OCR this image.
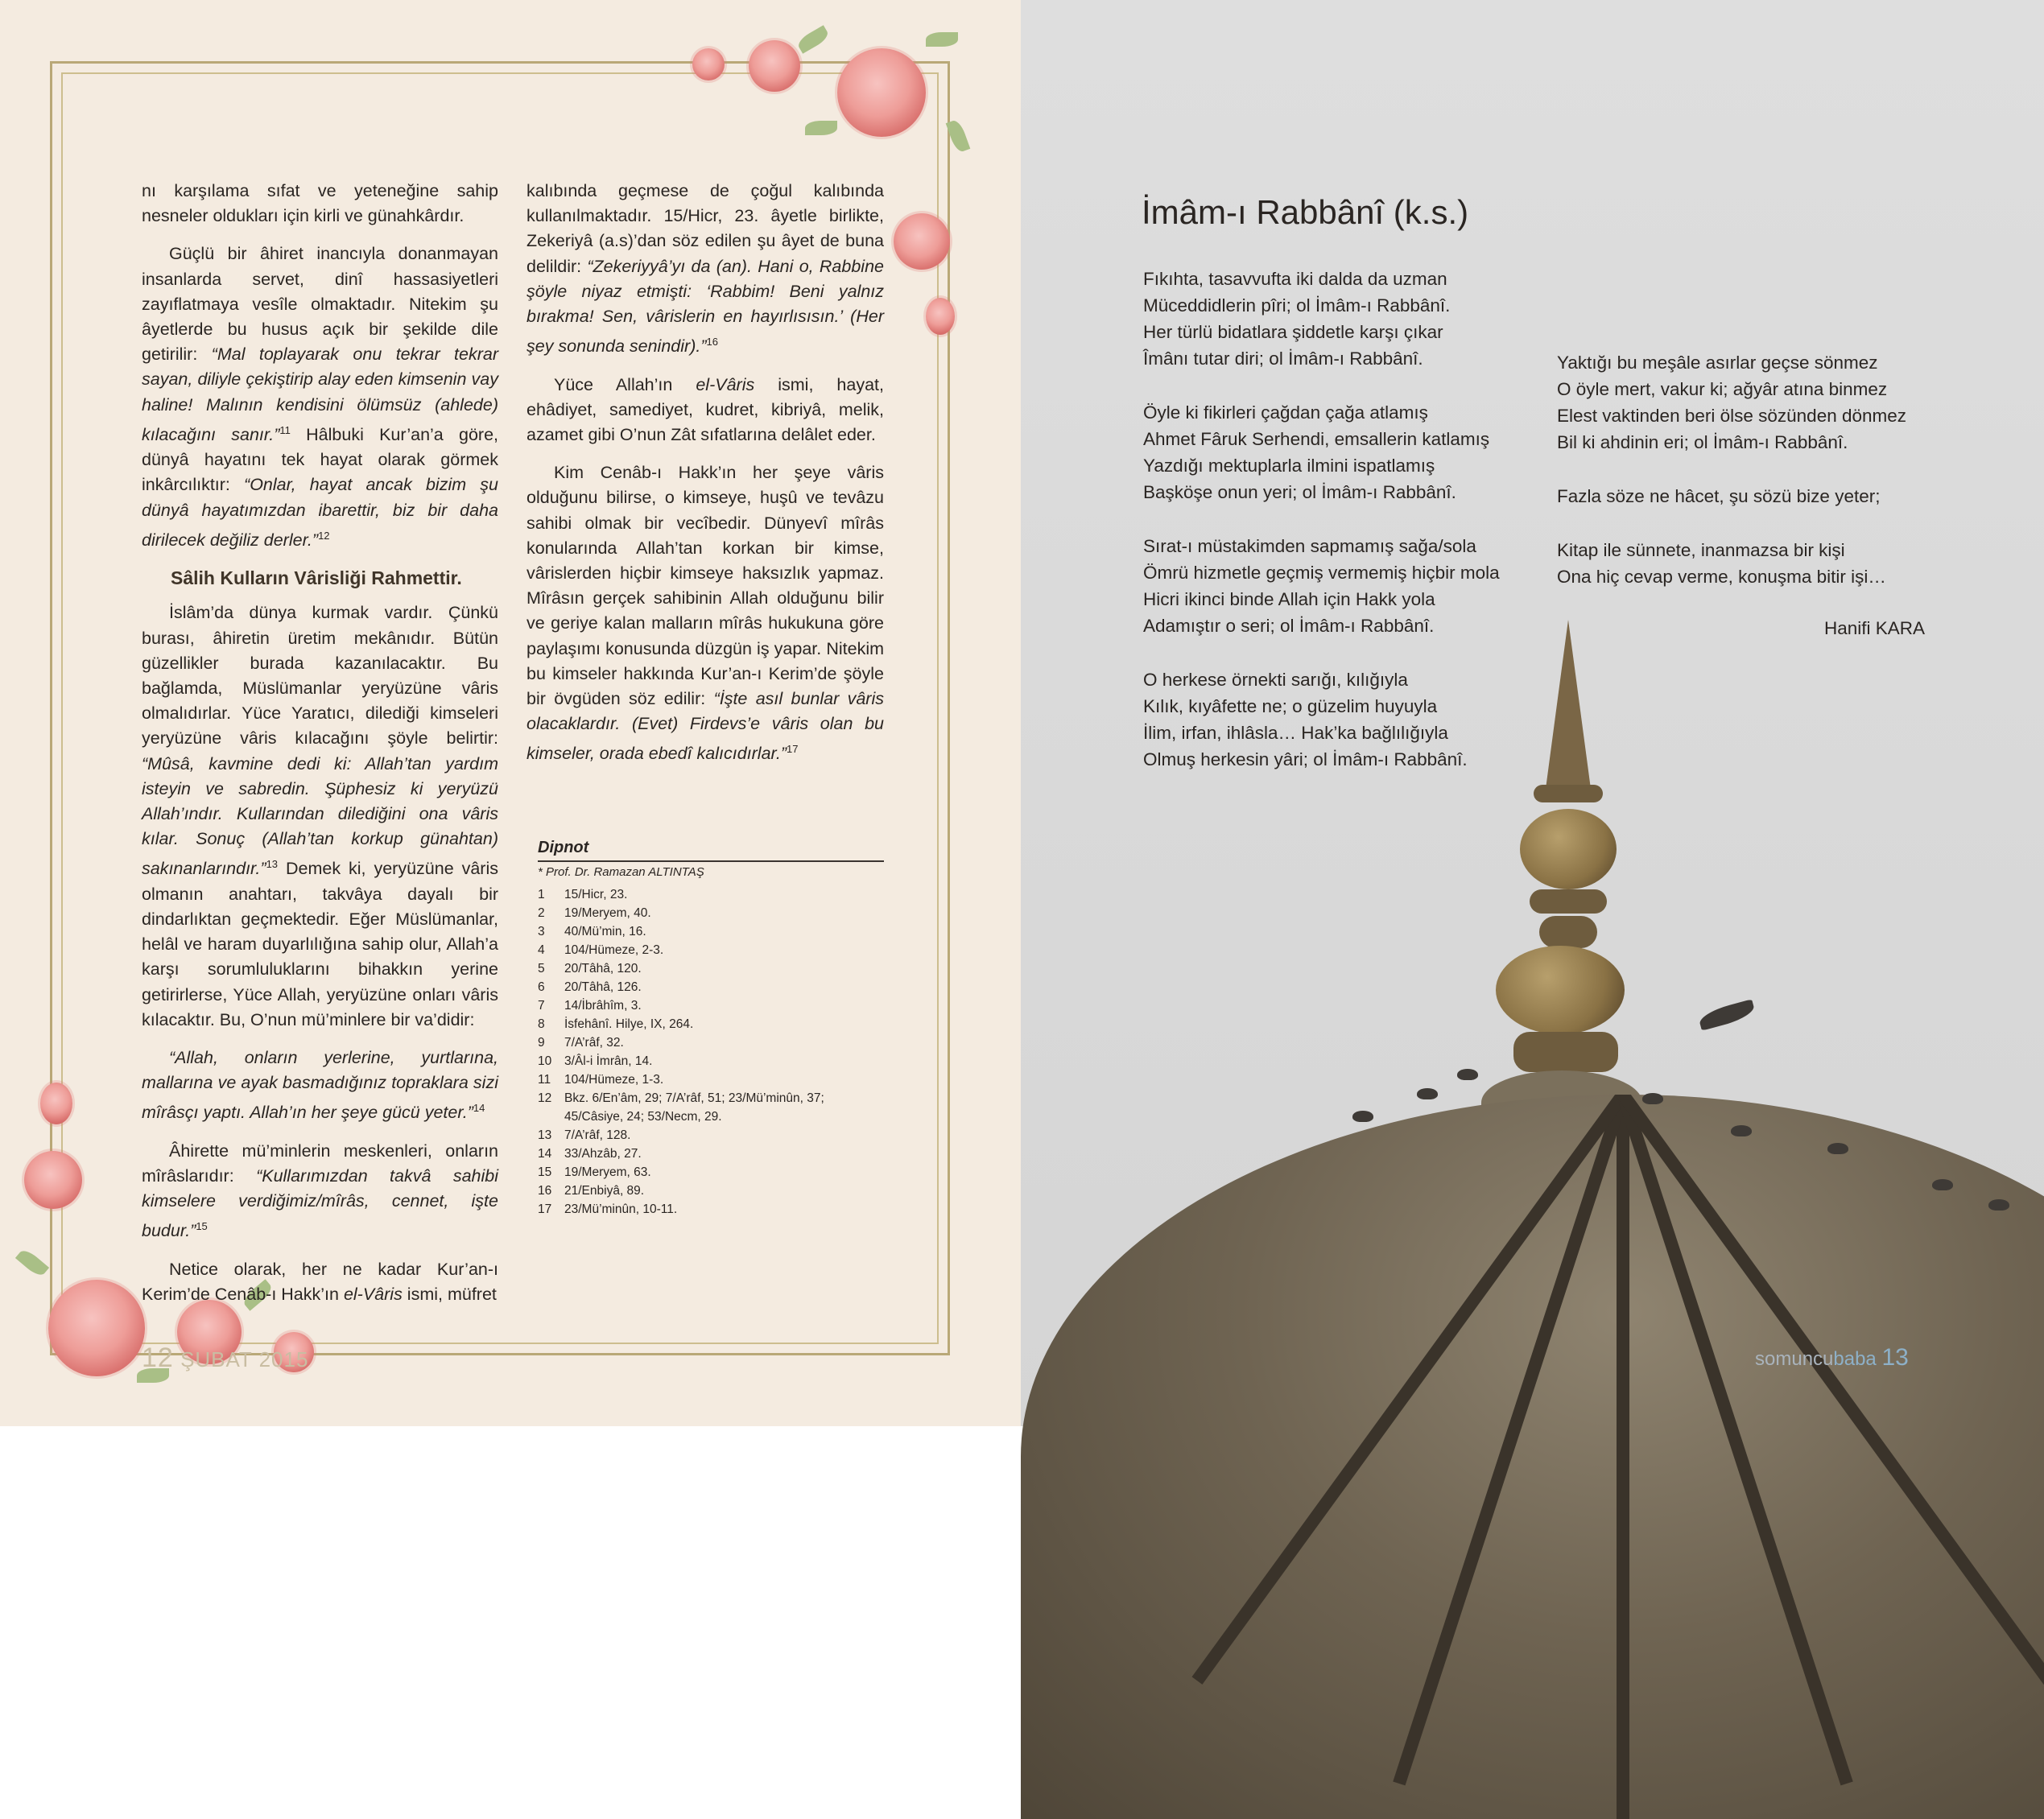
nı karşılama sıfat ve yeteneğine sahip nesneler oldukları için kirli ve günahkârdır.

Güçlü bir âhiret inancıyla donanmayan insanlarda servet, dinî hassasiyetleri zayıflatmaya vesîle olmaktadır. Nitekim şu âyetlerde bu husus açık bir şekilde dile getirilir: “Mal toplayarak onu tekrar tekrar sayan, diliyle çekiştirip alay eden kimsenin vay haline! Malının kendisini ölümsüz (ahlede) kılacağını sanır.”$^{11}$ Hâlbuki Kur’an’a göre, dünyâ hayatını tek hayat olarak görmek inkârcılıktır: “Onlar, hayat ancak bizim şu dünyâ hayatımızdan ibarettir, biz bir daha dirilecek değiliz derler.”$^{12}$

Sâlih Kulların Vârisliği Rahmettir.

İslâm’da dünya kurmak vardır. Çünkü burası, âhiretin üretim mekânıdır. Bütün güzellikler burada kazanılacaktır. Bu bağlamda, Müslümanlar yeryüzüne vâris olmalıdırlar. Yüce Yaratıcı, dilediği kimseleri yeryüzüne vâris kılacağını şöyle belirtir: “Mûsâ, kavmine dedi ki: Allah’tan yardım isteyin ve sabredin. Şüphesiz ki yeryüzü Allah’ındır. Kullarından dilediğini ona vâris kılar. Sonuç (Allah’tan korkup günahtan) sakınanlarındır.”$^{13}$ Demek ki, yeryüzüne vâris olmanın anahtarı, takvâya dayalı bir dindarlıktan geçmektedir. Eğer Müslümanlar, helâl ve haram duyarlılığına sahip olur, Allah’a karşı sorumluluklarını bihakkın yerine getirirlerse, Yüce Allah, yeryüzüne onları vâris kılacaktır. Bu, O’nun mü’minlere bir va’didir:

“Allah, onların yerlerine, yurtlarına, mallarına ve ayak basmadığınız topraklara sizi mîrâsçı yaptı. Allah’ın her şeye gücü yeter.”$^{14}$

Âhirette mü’minlerin meskenleri, onların mîrâslarıdır: “Kullarımızdan takvâ sahibi kimselere verdiğimiz/mîrâs, cennet, işte budur.”$^{15}$

Netice olarak, her ne kadar Kur’an-ı Kerim’de Cenâb-ı Hakk’ın el-Vâris ismi, müfret

kalıbında geçmese de çoğul kalıbında kullanılmaktadır. 15/Hicr, 23. âyetle birlikte, Zekeriyâ (a.s)’dan söz edilen şu âyet de buna delildir: “Zekeriyyâ’yı da (an). Hani o, Rabbine şöyle niyaz etmişti: ‘Rabbim! Beni yalnız bırakma! Sen, vârislerin en hayırlısısın.’ (Her şey sonunda senindir).”$^{16}$

Yüce Allah’ın el-Vâris ismi, hayat, ehâdiyet, samediyet, kudret, kibriyâ, melik, azamet gibi O’nun Zât sıfatlarına delâlet eder.

Kim Cenâb-ı Hakk’ın her şeye vâris olduğunu bilirse, o kimseye, huşû ve tevâzu sahibi olmak bir vecîbedir. Dünyevî mîrâs konularında Allah’tan korkan bir kimse, vârislerden hiçbir kimseye haksızlık yapmaz. Mîrâsın gerçek sahibinin Allah olduğunu bilir ve geriye kalan malların mîrâs hukukuna göre paylaşımı konusunda düzgün iş yapar. Nitekim bu kimseler hakkında Kur’an-ı Kerim’de şöyle bir övgüden söz edilir: “İşte asıl bunlar vâris olacaklardır. (Evet) Firdevs’e vâris olan bu kimseler, orada ebedî kalıcıdırlar.”$^{17}$

Dipnot
* Prof. Dr. Ramazan ALTINTAŞ
1	15/Hicr, 23.
2	19/Meryem, 40.
3	40/Mü’min, 16.
4	104/Hümeze, 2-3.
5	20/Tâhâ, 120.
6	20/Tâhâ, 126.
7	14/İbrâhîm, 3.
8	İsfehânî. Hilye, IX, 264.
9	7/A’râf, 32.
10	3/Âl-i İmrân, 14.
11	104/Hümeze, 1-3.
12	Bkz. 6/En’âm, 29; 7/A’râf, 51; 23/Mü’minûn, 37; 45/Câsiye, 24; 53/Necm, 29.
13	7/A’râf, 128.
14	33/Ahzâb, 27.
15	19/Meryem, 63.
16	21/Enbiyâ, 89.
17	23/Mü’minûn, 10-11.
12 ŞUBAT 2015
İmâm-ı Rabbânî (k.s.)
Fıkıhta, tasavvufta iki dalda da uzman
Müceddidlerin pîri; ol İmâm-ı Rabbânî.
Her türlü bidatlara şiddetle karşı çıkar
Îmânı tutar diri; ol İmâm-ı Rabbânî.
Öyle ki fikirleri çağdan çağa atlamış
Ahmet Fâruk Serhendi, emsallerin katlamış
Yazdığı mektuplarla ilmini ispatlamış
Başköşe onun yeri; ol İmâm-ı Rabbânî.
Sırat-ı müstakimden sapmamış sağa/sola
Ömrü hizmetle geçmiş vermemiş hiçbir mola
Hicri ikinci binde Allah için Hakk yola
Adamıştır o seri; ol İmâm-ı Rabbânî.
O herkese örnekti sarığı, kılığıyla
Kılık, kıyâfette ne; o güzelim huyuyla
İlim, irfan, ihlâsla… Hak’ka bağlılığıyla
Olmuş herkesin yâri; ol İmâm-ı Rabbânî.
Yaktığı bu meşâle asırlar geçse sönmez
O öyle mert, vakur ki; ağyâr atına binmez
Elest vaktinden beri ölse sözünden dönmez
Bil ki ahdinin eri; ol İmâm-ı Rabbânî.
Fazla söze ne hâcet, şu sözü bize yeter;
Kitap ile sünnete, inanmazsa bir kişi
Ona hiç cevap verme, konuşma bitir işi…
Hanifi KARA
somuncubaba 13
